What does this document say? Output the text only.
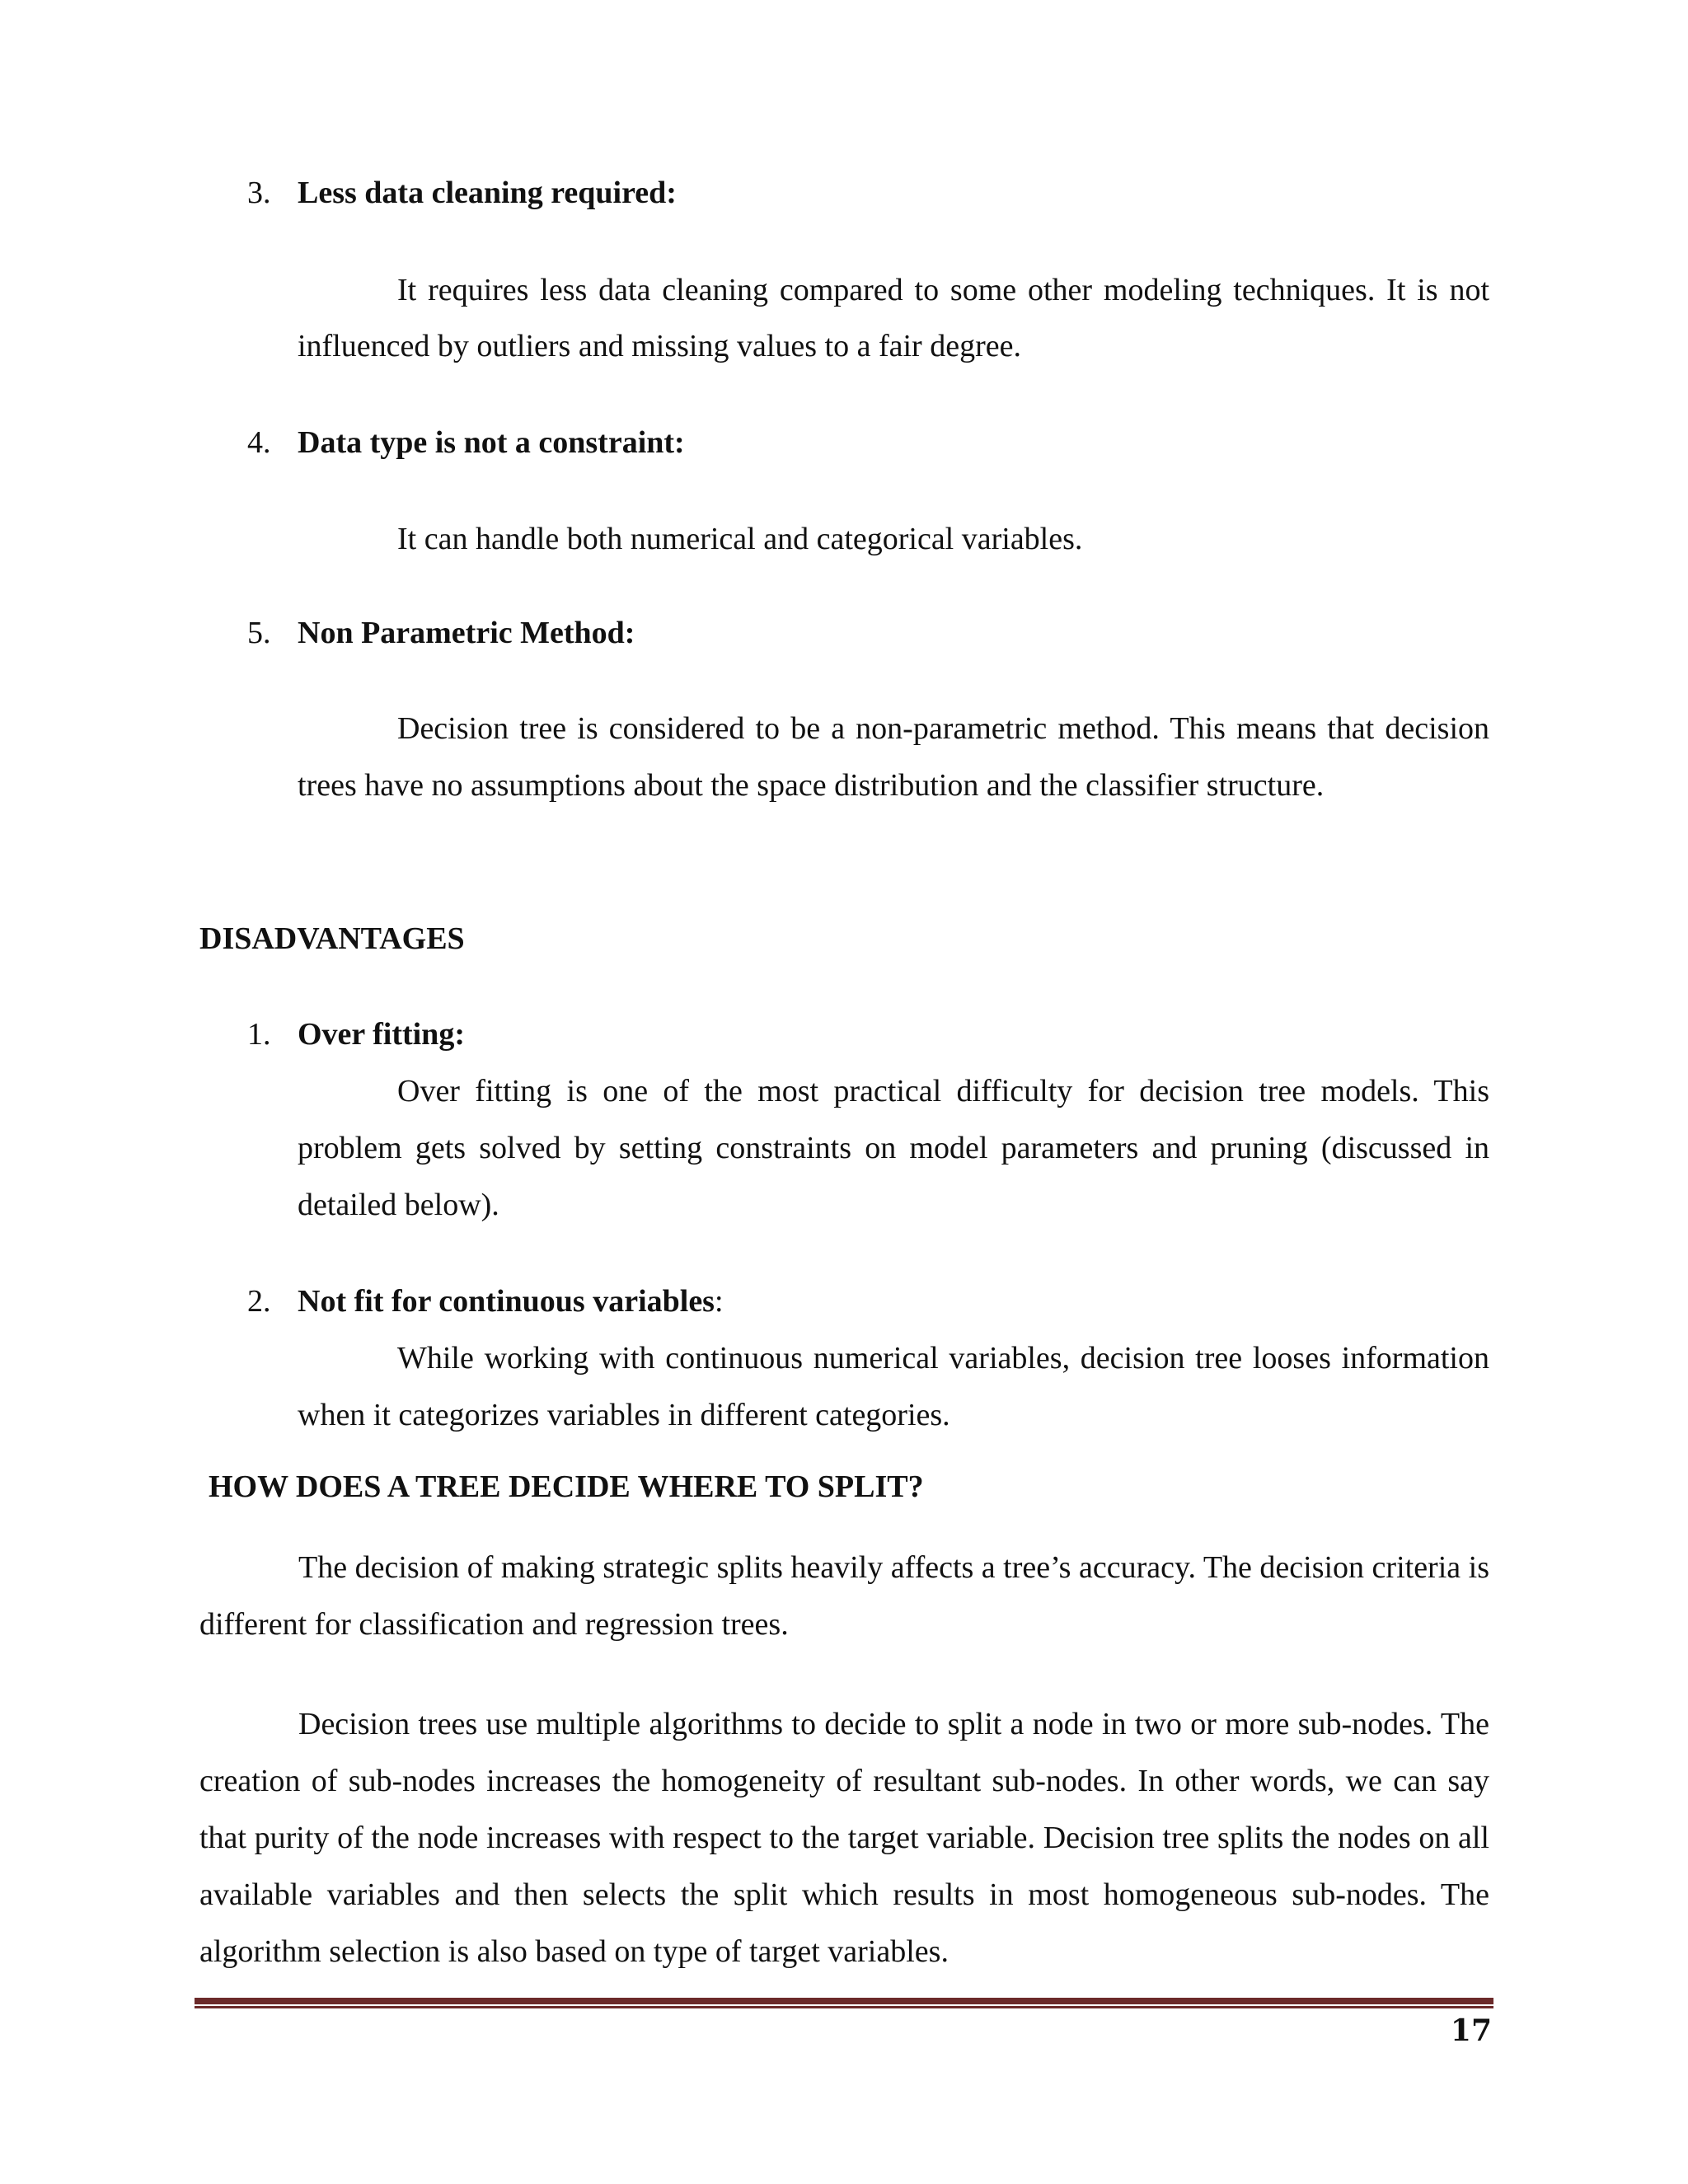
3. Less data cleaning required:

It requires less data cleaning compared to some other modeling techniques. It is not influenced by outliers and missing values to a fair degree.

4. Data type is not a constraint:

It can handle both numerical and categorical variables.

5. Non Parametric Method:

Decision tree is considered to be a non-parametric method. This means that decision trees have no assumptions about the space distribution and the classifier structure.

DISADVANTAGES
1. Over fitting:

Over fitting is one of the most practical difficulty for decision tree models. This problem gets solved by setting constraints on model parameters and pruning (discussed in detailed below).

2. Not fit for continuous variables:

While working with continuous numerical variables, decision tree looses information when it categorizes variables in different categories.

HOW DOES A TREE DECIDE WHERE TO SPLIT?

The decision of making strategic splits heavily affects a tree’s accuracy. The decision criteria is different for classification and regression trees.

Decision trees use multiple algorithms to decide to split a node in two or more sub-nodes. The creation of sub-nodes increases the homogeneity of resultant sub-nodes. In other words, we can say that purity of the node increases with respect to the target variable. Decision tree splits the nodes on all available variables and then selects the split which results in most homogeneous sub-nodes. The algorithm selection is also based on type of target variables.

17
